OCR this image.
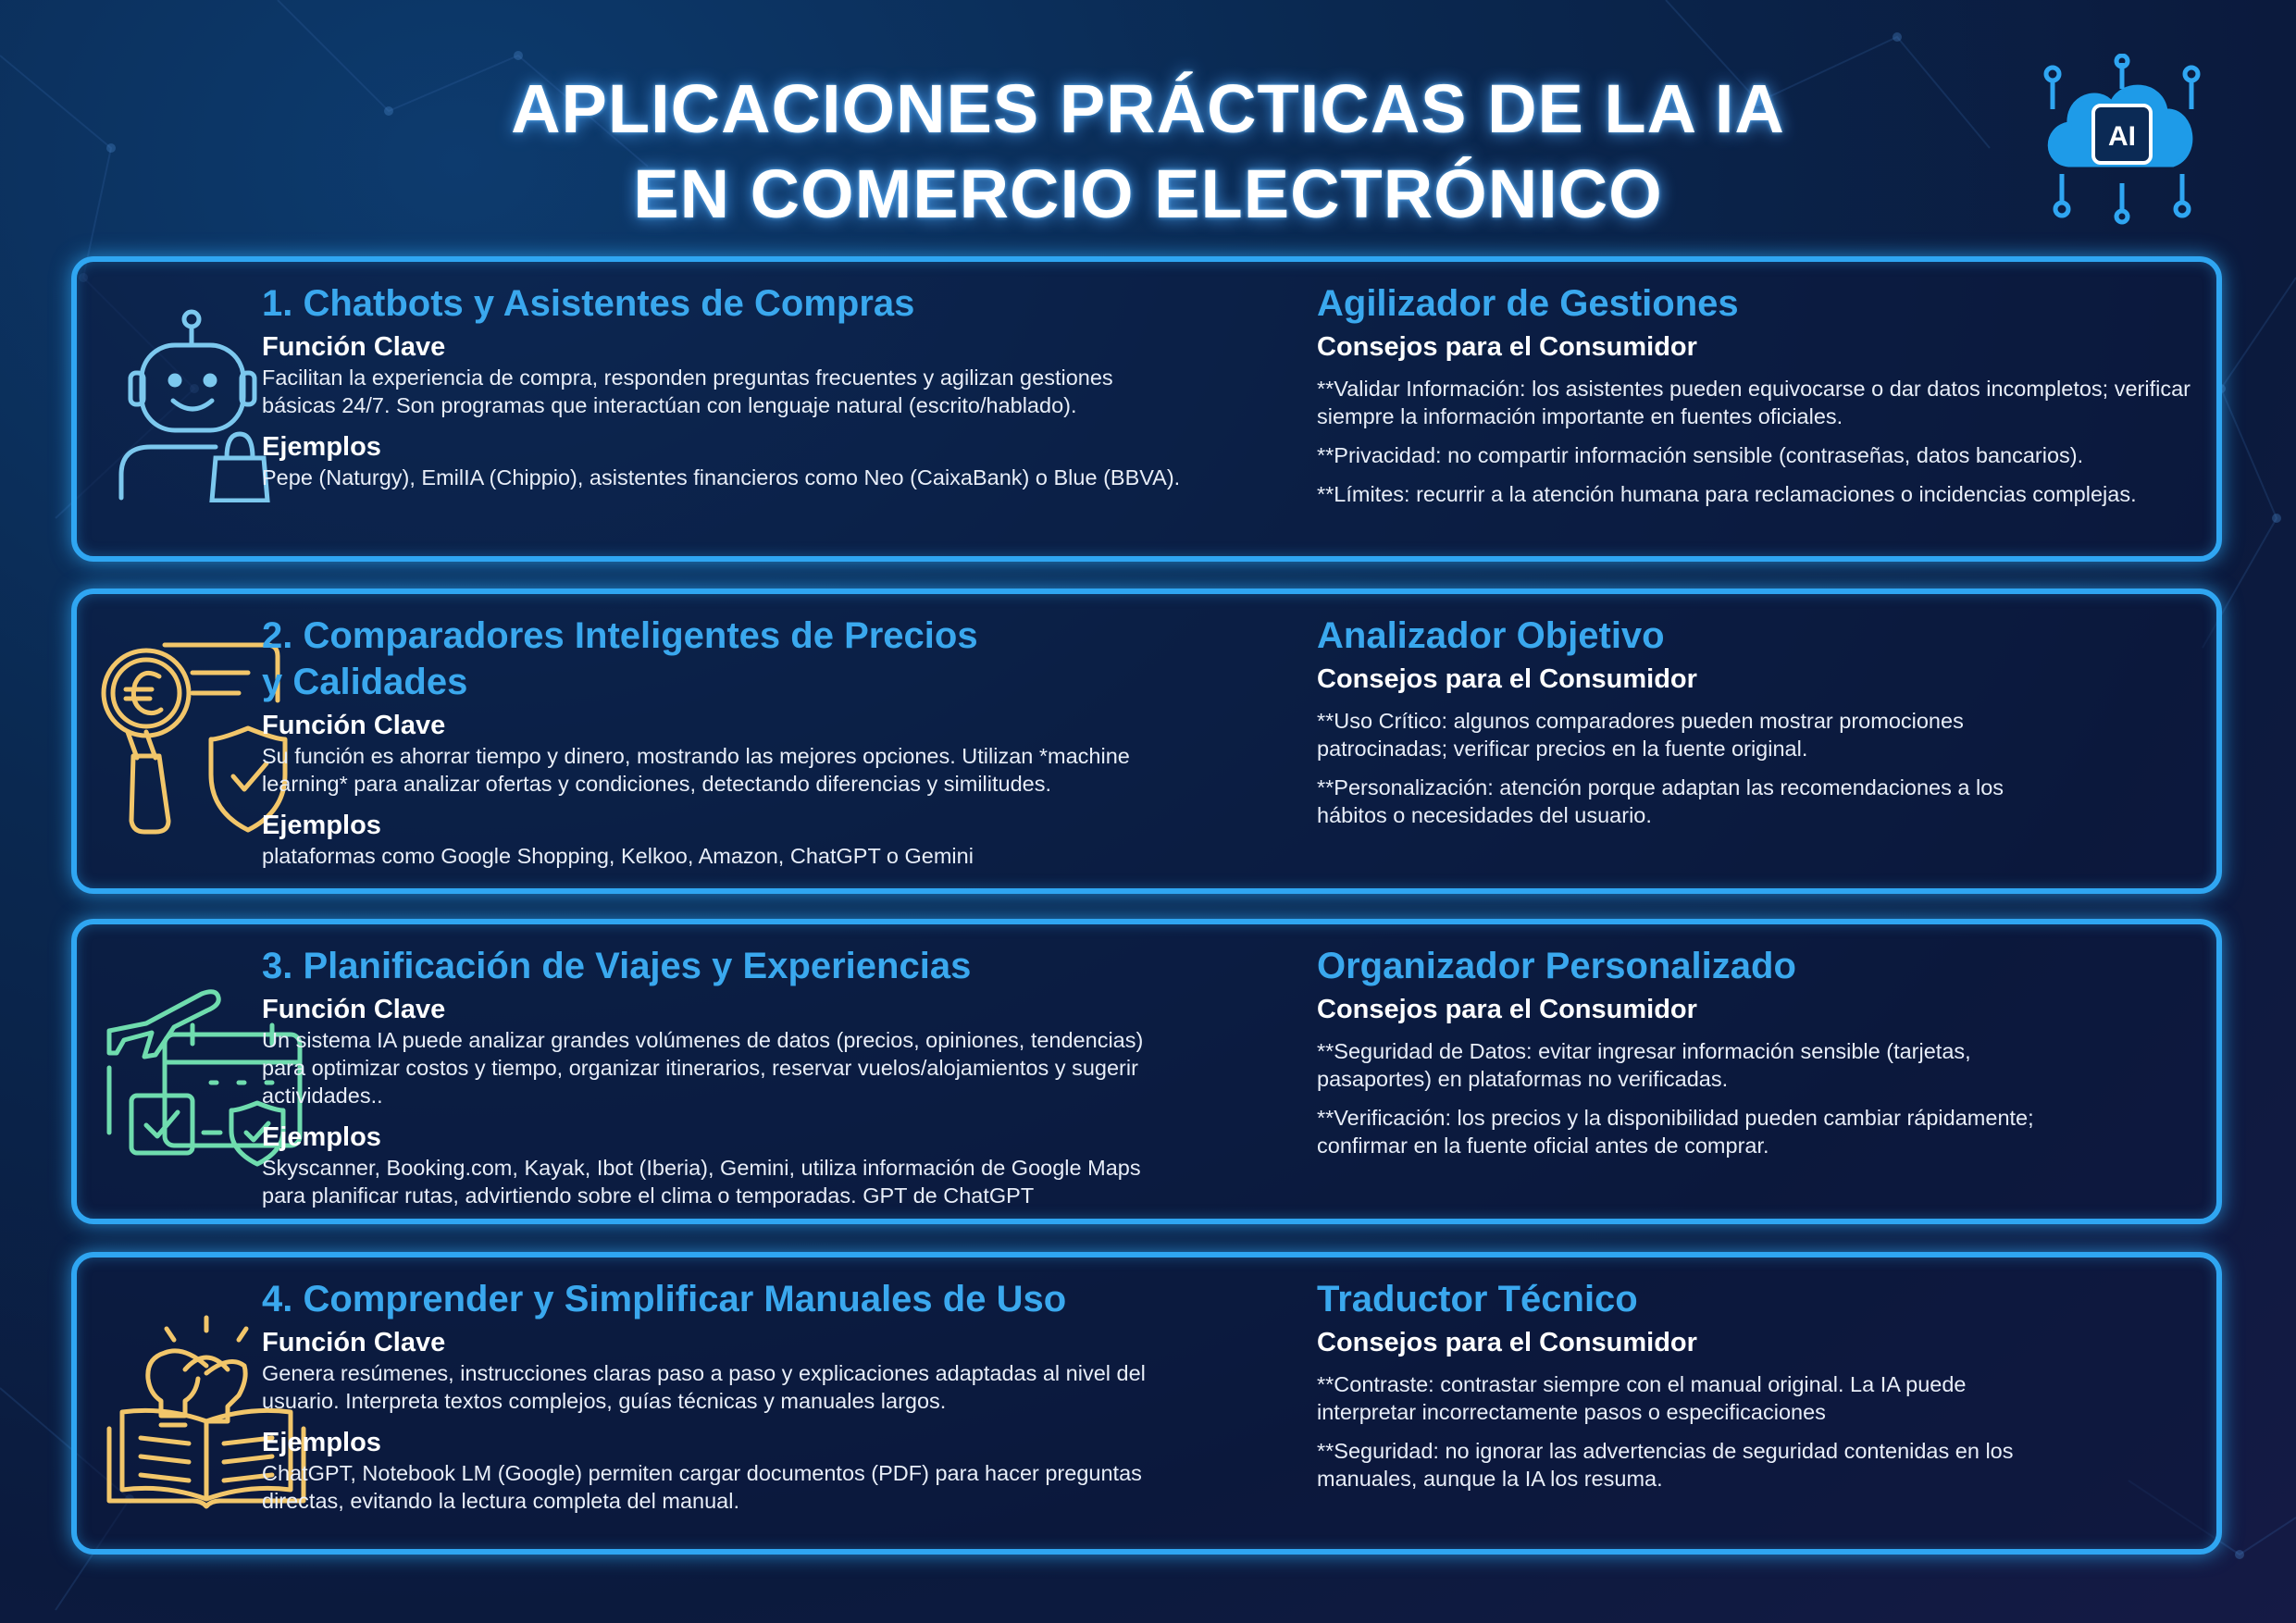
APLICACIONES PRÁCTICAS DE LA IA
EN COMERCIO ELECTRÓNICO
AI
1. Chatbots y Asistentes de Compras
Función Clave
Facilitan la experiencia de compra, responden preguntas frecuentes y agilizan gestiones básicas 24/7. Son programas que interactúan con lenguaje natural (escrito/hablado).
Ejemplos
Pepe (Naturgy), EmilIA (Chippio), asistentes financieros como Neo (CaixaBank) o Blue (BBVA).
Agilizador de Gestiones
Consejos para el Consumidor
**Validar Información: los asistentes pueden equivocarse o dar datos incompletos; verificar siempre la información importante en fuentes oficiales.
**Privacidad: no compartir información sensible (contraseñas, datos bancarios).
**Límites: recurrir a la atención humana para reclamaciones o incidencias complejas.
2. Comparadores Inteligentes de Precios
y Calidades
Función Clave
Su función es ahorrar tiempo y dinero, mostrando las mejores opciones. Utilizan *machine learning* para analizar ofertas y condiciones, detectando diferencias y similitudes.
Ejemplos
plataformas como Google Shopping, Kelkoo, Amazon, ChatGPT o Gemini
Analizador Objetivo
Consejos para el Consumidor
**Uso Crítico: algunos comparadores pueden mostrar promociones patrocinadas; verificar precios en la fuente original.
**Personalización: atención porque adaptan las recomendaciones a los hábitos o necesidades del usuario.
3. Planificación de Viajes y Experiencias
Función Clave
Un sistema IA puede analizar grandes volúmenes de datos (precios, opiniones, tendencias) para optimizar costos y tiempo, organizar itinerarios, reservar vuelos/alojamientos y sugerir actividades..
Ejemplos
Skyscanner, Booking.com, Kayak, Ibot (Iberia), Gemini, utiliza información de Google Maps para planificar rutas, advirtiendo sobre el clima o temporadas. GPT de ChatGPT
Organizador Personalizado
Consejos para el Consumidor
**Seguridad de Datos: evitar ingresar información sensible (tarjetas, pasaportes) en plataformas no verificadas.
**Verificación: los precios y la disponibilidad pueden cambiar rápidamente; confirmar en la fuente oficial antes de comprar.
4. Comprender y Simplificar Manuales de Uso
Función Clave
Genera resúmenes, instrucciones claras paso a paso y explicaciones adaptadas al nivel del usuario. Interpreta textos complejos, guías técnicas y manuales largos.
Ejemplos
ChatGPT, Notebook LM (Google) permiten cargar documentos (PDF) para hacer preguntas directas, evitando la lectura completa del manual.
Traductor Técnico
Consejos para el Consumidor
**Contraste: contrastar siempre con el manual original. La IA puede interpretar incorrectamente pasos o especificaciones
**Seguridad: no ignorar las advertencias de seguridad contenidas en los manuales, aunque la IA los resuma.
